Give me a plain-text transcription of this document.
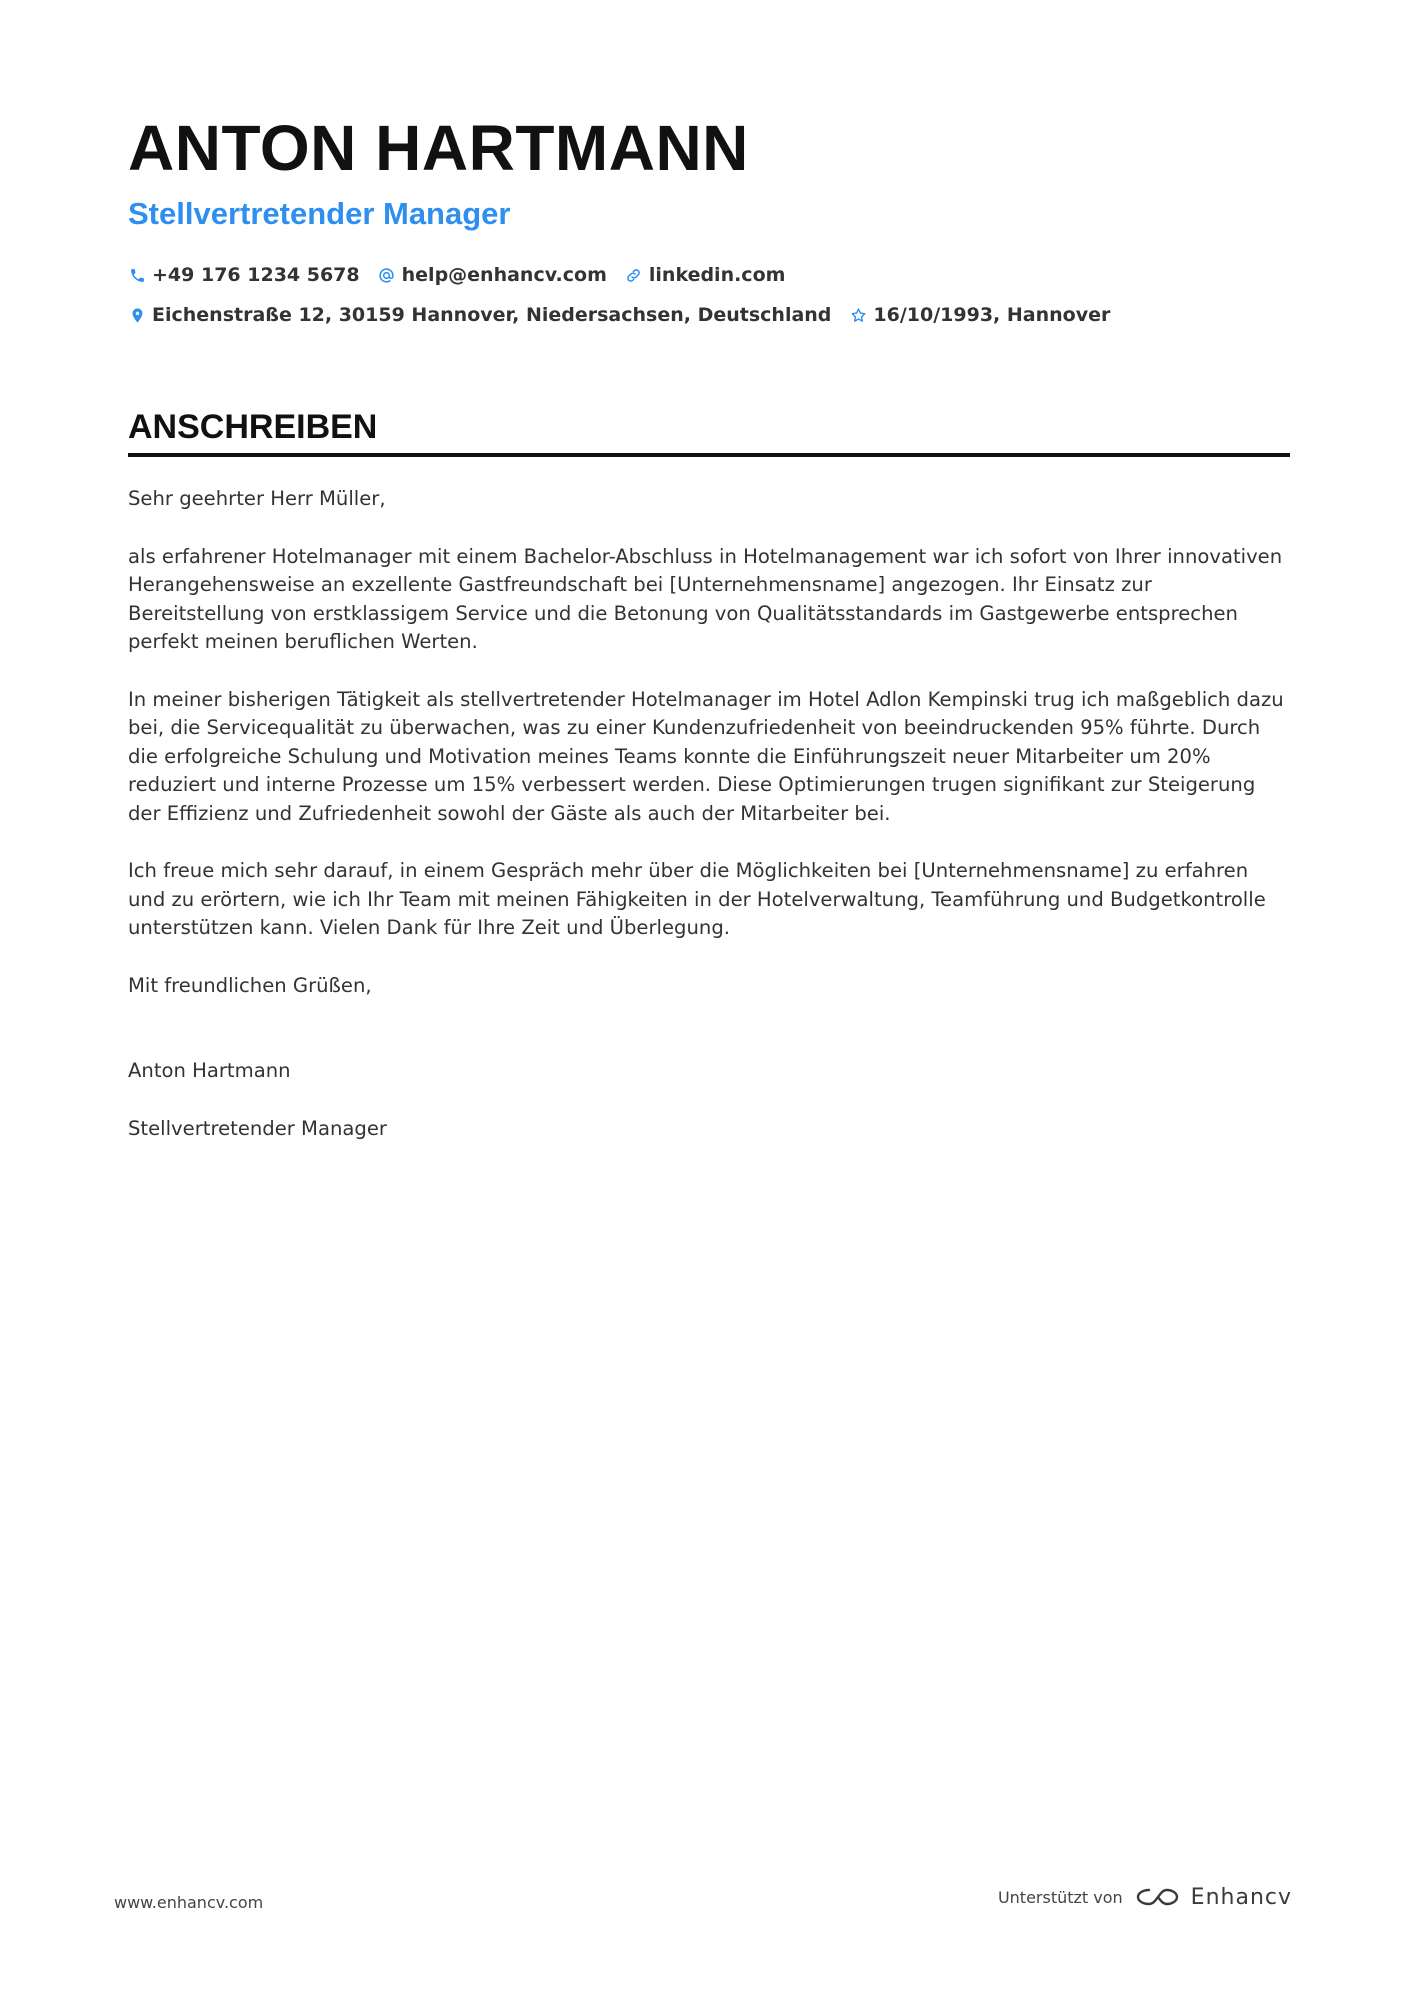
ANTON HARTMANN
Stellvertretender Manager
+49 176 1234 5678 help@enhancv.com linkedin.com
Eichenstraße 12, 30159 Hannover, Niedersachsen, Deutschland 16/10/1993, Hannover
ANSCHREIBEN

Sehr geehrter Herr Müller,

als erfahrener Hotelmanager mit einem Bachelor-Abschluss in Hotelmanagement war ich sofort von Ihrer innovativen Herangehensweise an exzellente Gastfreundschaft bei [Unternehmensname] angezogen. Ihr Einsatz zur Bereitstellung von erstklassigem Service und die Betonung von Qualitätsstandards im Gastgewerbe entsprechen perfekt meinen beruflichen Werten.

In meiner bisherigen Tätigkeit als stellvertretender Hotelmanager im Hotel Adlon Kempinski trug ich maßgeblich dazu bei, die Servicequalität zu überwachen, was zu einer Kundenzufriedenheit von beeindruckenden 95% führte. Durch die erfolgreiche Schulung und Motivation meines Teams konnte die Einführungszeit neuer Mitarbeiter um 20% reduziert und interne Prozesse um 15% verbessert werden. Diese Optimierungen trugen signifikant zur Steigerung der Effizienz und Zufriedenheit sowohl der Gäste als auch der Mitarbeiter bei.

Ich freue mich sehr darauf, in einem Gespräch mehr über die Möglichkeiten bei [Unternehmensname] zu erfahren und zu erörtern, wie ich Ihr Team mit meinen Fähigkeiten in der Hotelverwaltung, Teamführung und Budgetkontrolle unterstützen kann. Vielen Dank für Ihre Zeit und Überlegung.

Mit freundlichen Grüßen,

Anton Hartmann

Stellvertretender Manager

www.enhancv.com	Unterstützt von	Enhancv
